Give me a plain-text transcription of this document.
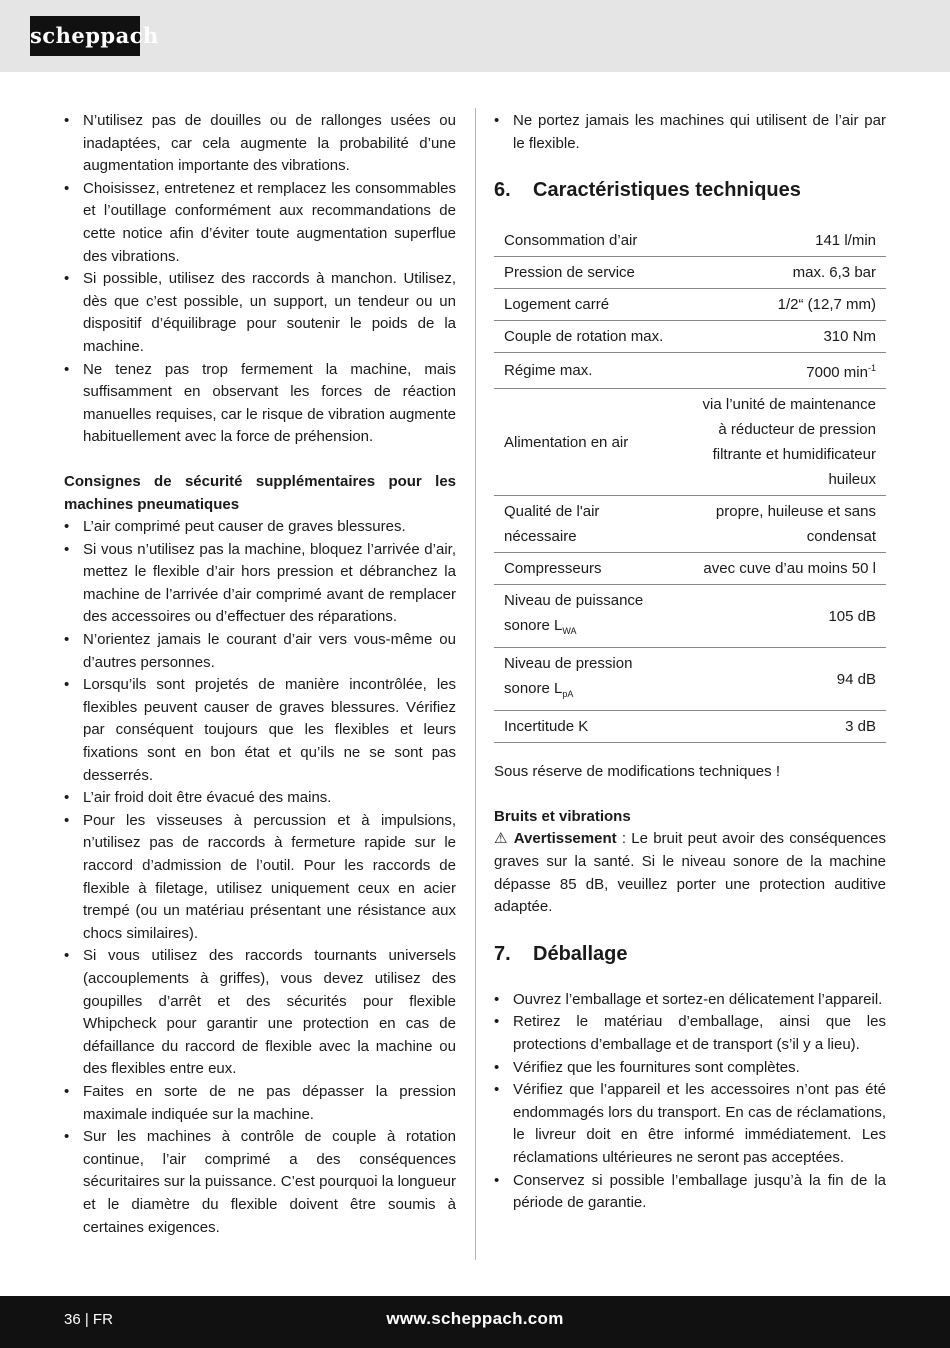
scheppach
• N’utilisez pas de douilles ou de rallonges usées ou inadaptées, car cela augmente la probabilité d’une augmentation importante des vibrations.
• Choisissez, entretenez et remplacez les consommables et l’outillage conformément aux recommandations de cette notice afin d’éviter toute augmentation superflue des vibrations.
• Si possible, utilisez des raccords à manchon. Utilisez, dès que c’est possible, un support, un tendeur ou un dispositif d’équilibrage pour soutenir le poids de la machine.
• Ne tenez pas trop fermement la machine, mais suffisamment en observant les forces de réaction manuelles requises, car le risque de vibration augmente habituellement avec la force de préhension.
Consignes de sécurité supplémentaires pour les machines pneumatiques
• L’air comprimé peut causer de graves blessures.
• Si vous n’utilisez pas la machine, bloquez l’arrivée d’air, mettez le flexible d’air hors pression et débranchez la machine de l’arrivée d’air comprimé avant de remplacer des accessoires ou d’effectuer des réparations.
• N’orientez jamais le courant d’air vers vous-même ou d’autres personnes.
• Lorsqu’ils sont projetés de manière incontrôlée, les flexibles peuvent causer de graves blessures. Vérifiez par conséquent toujours que les flexibles et leurs fixations sont en bon état et qu’ils ne se sont pas desserrés.
• L’air froid doit être évacué des mains.
• Pour les visseuses à percussion et à impulsions, n’utilisez pas de raccords à fermeture rapide sur le raccord d’admission de l’outil. Pour les raccords de flexible à filetage, utilisez uniquement ceux en acier trempé (ou un matériau présentant une résistance aux chocs similaires).
• Si vous utilisez des raccords tournants universels (accouplements à griffes), vous devez utilisez des goupilles d’arrêt et des sécurités pour flexible Whipcheck pour garantir une protection en cas de défaillance du raccord de flexible avec la machine ou des flexibles entre eux.
• Faites en sorte de ne pas dépasser la pression maximale indiquée sur la machine.
• Sur les machines à contrôle de couple à rotation continue, l’air comprimé a des conséquences sécuritaires sur la puissance. C’est pourquoi la longueur et le diamètre du flexible doivent être soumis à certaines exigences.
• Ne portez jamais les machines qui utilisent de l’air par le flexible.
6. Caractéristiques techniques
Consommation d’air	141 l/min
Pression de service	max. 6,3 bar
Logement carré	1/2“ (12,7 mm)
Couple de rotation max.	310 Nm
Régime max.	7000 $\min^{-1}$
Alimentation en air	via l’unité de maintenance à réducteur de pression filtrante et humidificateur huileux
Qualité de l'air nécessaire	propre, huileuse et sans condensat
Compresseurs	avec cuve d’au moins 50 l
Niveau de puissance sonore $L_{WA}$	105 dB
Niveau de pression sonore $L_{pA}$	94 dB
Incertitude K	3 dB

Sous réserve de modifications techniques !

Bruits et vibrations

⚠ Avertissement : Le bruit peut avoir des conséquences graves sur la santé. Si le niveau sonore de la machine dépasse 85 dB, veuillez porter une protection auditive adaptée.

7. Déballage
• Ouvrez l’emballage et sortez-en délicatement l’appareil.
• Retirez le matériau d’emballage, ainsi que les protections d’emballage et de transport (s’il y a lieu).
• Vérifiez que les fournitures sont complètes.
• Vérifiez que l’appareil et les accessoires n’ont pas été endommagés lors du transport. En cas de réclamations, le livreur doit en être informé immédiatement. Les réclamations ultérieures ne seront pas acceptées.
• Conservez si possible l’emballage jusqu’à la fin de la période de garantie.
36 | FR	www.scheppach.com
